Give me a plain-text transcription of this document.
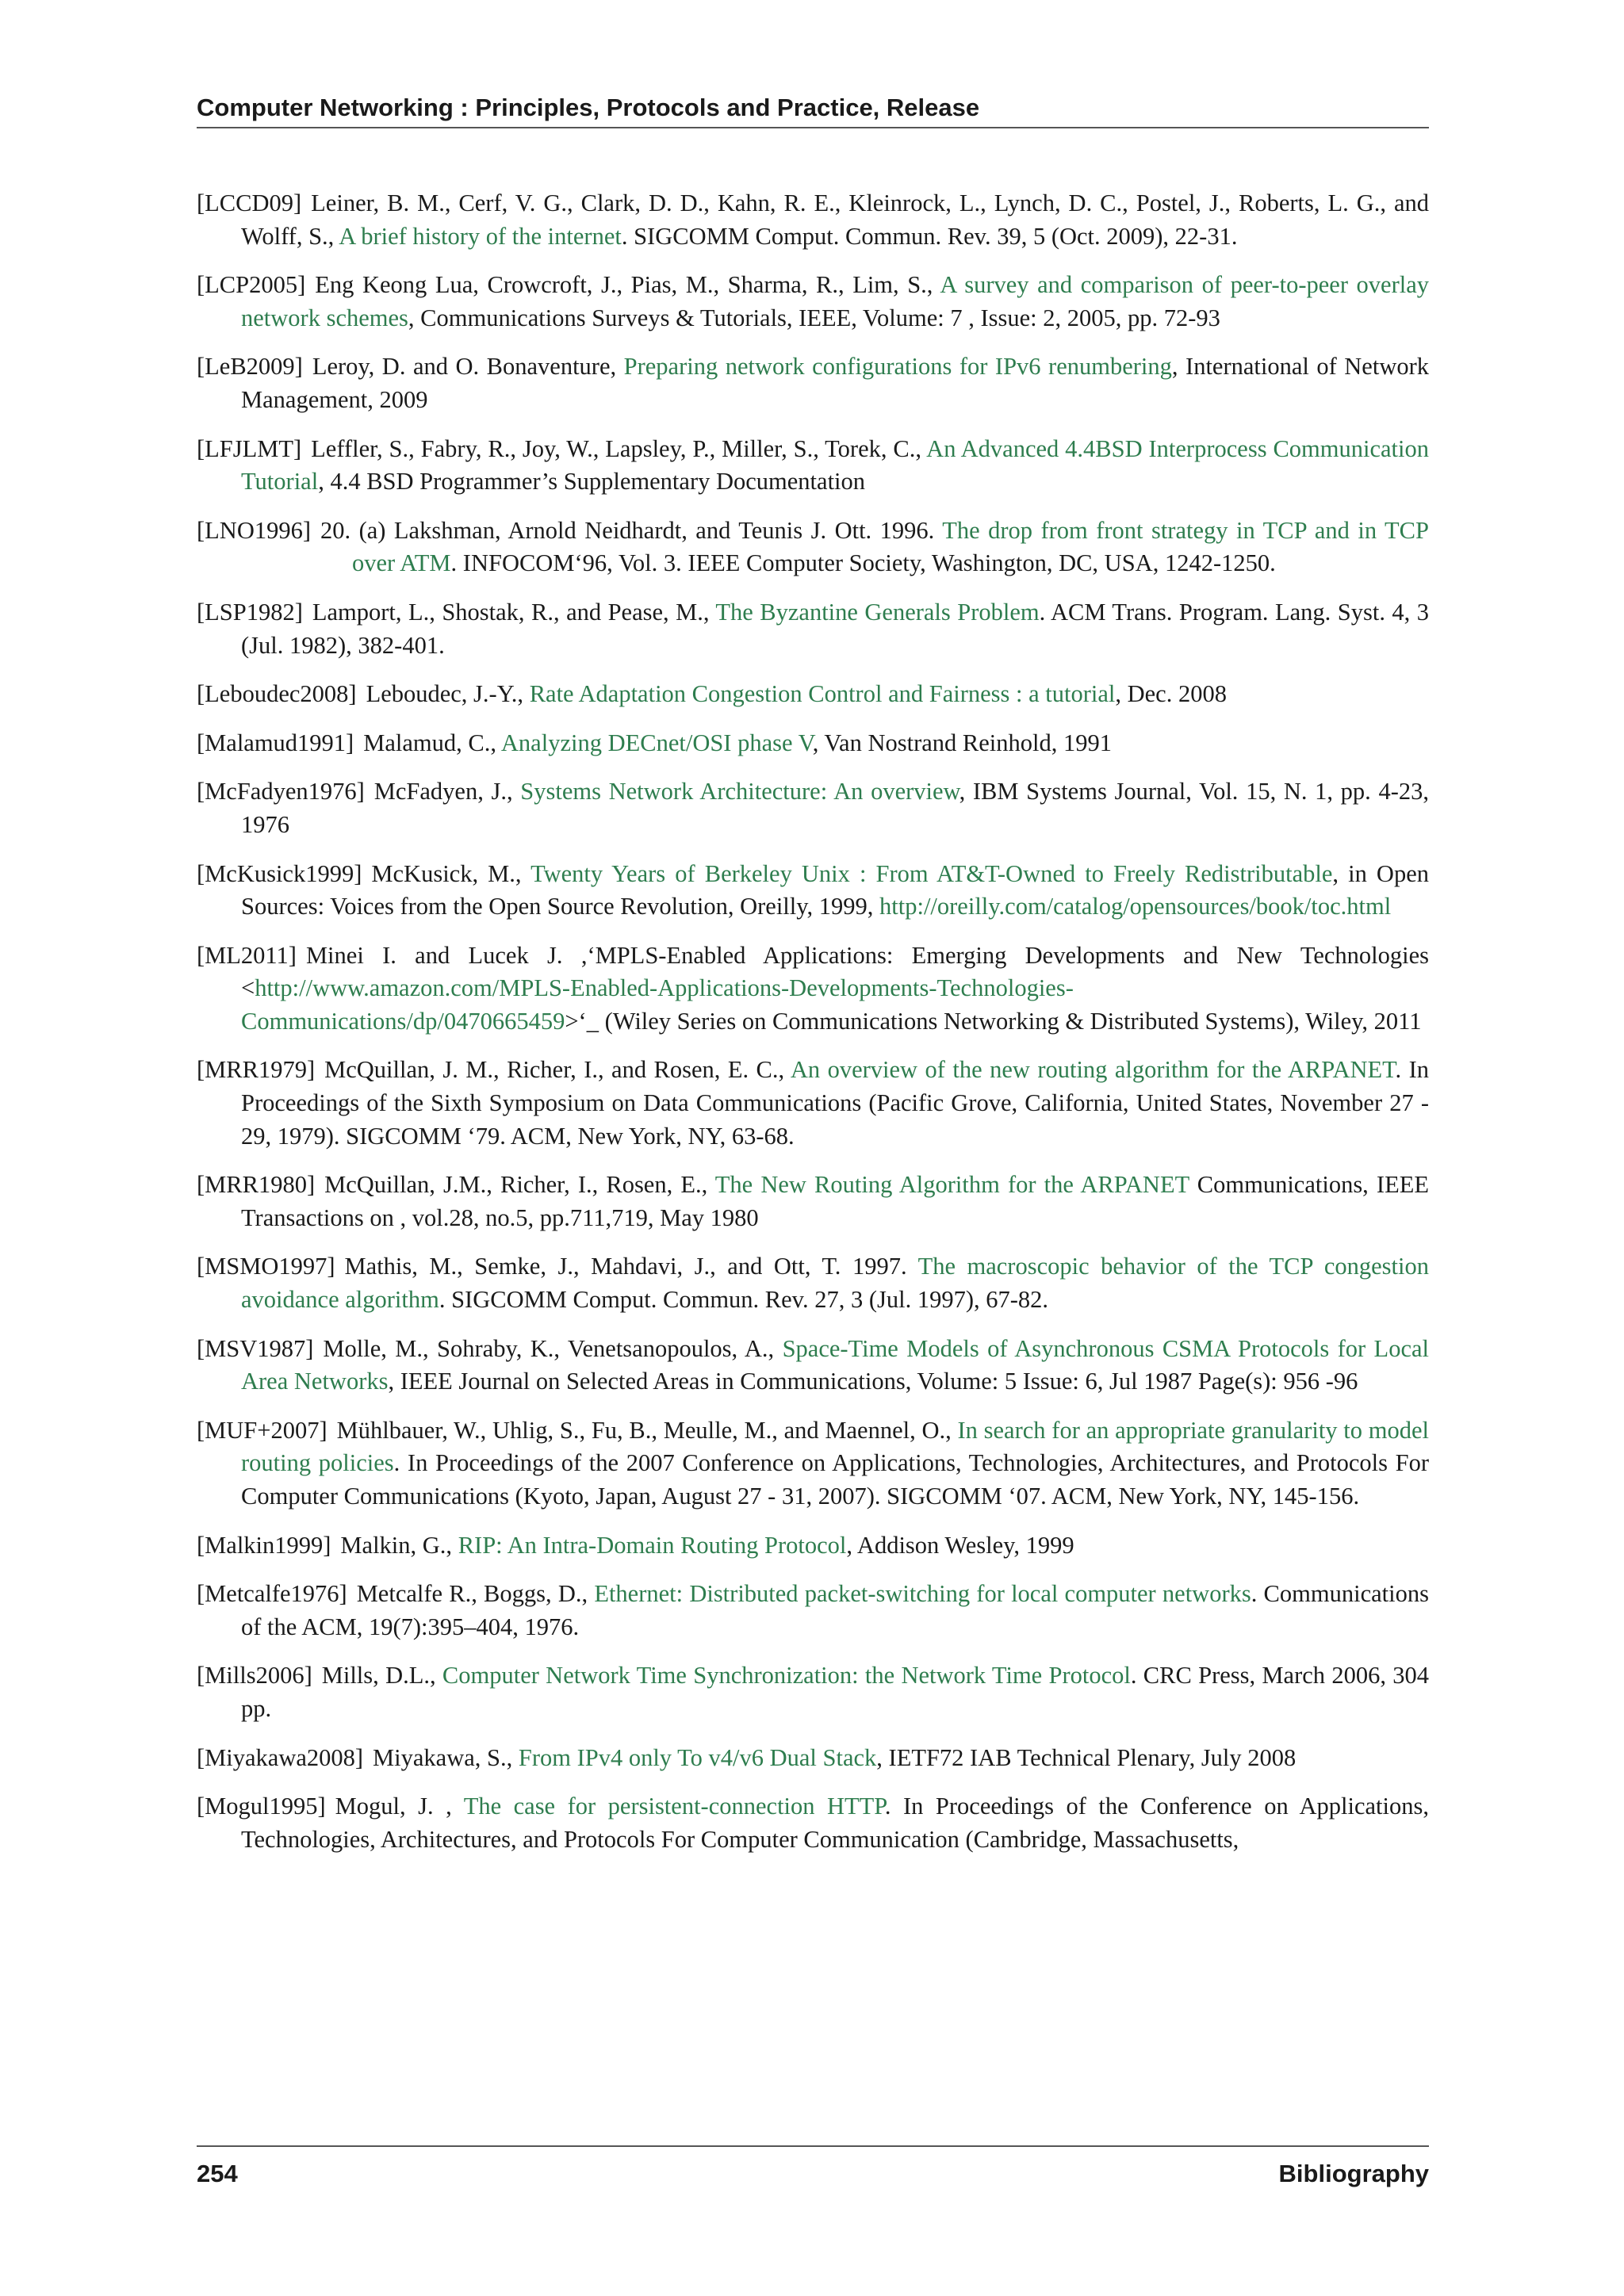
Computer Networking : Principles, Protocols and Practice, Release

[LCCD09] Leiner, B. M., Cerf, V. G., Clark, D. D., Kahn, R. E., Kleinrock, L., Lynch, D. C., Postel, J., Roberts, L. G., and Wolff, S., A brief history of the internet. SIGCOMM Comput. Commun. Rev. 39, 5 (Oct. 2009), 22-31.

[LCP2005] Eng Keong Lua, Crowcroft, J., Pias, M., Sharma, R., Lim, S., A survey and comparison of peer-to-peer overlay network schemes, Communications Surveys & Tutorials, IEEE, Volume: 7 , Issue: 2, 2005, pp. 72-93

[LeB2009] Leroy, D. and O. Bonaventure, Preparing network configurations for IPv6 renumbering, International of Network Management, 2009

[LFJLMT] Leffler, S., Fabry, R., Joy, W., Lapsley, P., Miller, S., Torek, C., An Advanced 4.4BSD Interprocess Communication Tutorial, 4.4 BSD Programmer’s Supplementary Documentation

[LNO1996] 20. (a) Lakshman, Arnold Neidhardt, and Teunis J. Ott. 1996. The drop from front strategy in TCP and in TCP over ATM. INFOCOM‘96, Vol. 3. IEEE Computer Society, Washington, DC, USA, 1242-1250.

[LSP1982] Lamport, L., Shostak, R., and Pease, M., The Byzantine Generals Problem. ACM Trans. Program. Lang. Syst. 4, 3 (Jul. 1982), 382-401.

[Leboudec2008] Leboudec, J.-Y., Rate Adaptation Congestion Control and Fairness : a tutorial, Dec. 2008

[Malamud1991] Malamud, C., Analyzing DECnet/OSI phase V, Van Nostrand Reinhold, 1991

[McFadyen1976] McFadyen, J., Systems Network Architecture: An overview, IBM Systems Journal, Vol. 15, N. 1, pp. 4-23, 1976

[McKusick1999] McKusick, M., Twenty Years of Berkeley Unix : From AT&T-Owned to Freely Redistributable, in Open Sources: Voices from the Open Source Revolution, Oreilly, 1999, http://oreilly.com/catalog/opensources/book/toc.html

[ML2011] Minei I. and Lucek J. ,‘MPLS-Enabled Applications: Emerging Developments and New Technologies <http://www.amazon.com/MPLS-Enabled-Applications-Developments-Technologies-Communications/dp/0470665459>‘_ (Wiley Series on Communications Networking & Distributed Systems), Wiley, 2011

[MRR1979] McQuillan, J. M., Richer, I., and Rosen, E. C., An overview of the new routing algorithm for the ARPANET. In Proceedings of the Sixth Symposium on Data Communications (Pacific Grove, California, United States, November 27 - 29, 1979). SIGCOMM ‘79. ACM, New York, NY, 63-68.

[MRR1980] McQuillan, J.M., Richer, I., Rosen, E., The New Routing Algorithm for the ARPANET Communications, IEEE Transactions on , vol.28, no.5, pp.711,719, May 1980

[MSMO1997] Mathis, M., Semke, J., Mahdavi, J., and Ott, T. 1997. The macroscopic behavior of the TCP congestion avoidance algorithm. SIGCOMM Comput. Commun. Rev. 27, 3 (Jul. 1997), 67-82.

[MSV1987] Molle, M., Sohraby, K., Venetsanopoulos, A., Space-Time Models of Asynchronous CSMA Protocols for Local Area Networks, IEEE Journal on Selected Areas in Communications, Volume: 5 Issue: 6, Jul 1987 Page(s): 956 -96

[MUF+2007] Mühlbauer, W., Uhlig, S., Fu, B., Meulle, M., and Maennel, O., In search for an appropriate granularity to model routing policies. In Proceedings of the 2007 Conference on Applications, Technologies, Architectures, and Protocols For Computer Communications (Kyoto, Japan, August 27 - 31, 2007). SIGCOMM ‘07. ACM, New York, NY, 145-156.

[Malkin1999] Malkin, G., RIP: An Intra-Domain Routing Protocol, Addison Wesley, 1999

[Metcalfe1976] Metcalfe R., Boggs, D., Ethernet: Distributed packet-switching for local computer networks. Communications of the ACM, 19(7):395–404, 1976.

[Mills2006] Mills, D.L., Computer Network Time Synchronization: the Network Time Protocol. CRC Press, March 2006, 304 pp.

[Miyakawa2008] Miyakawa, S., From IPv4 only To v4/v6 Dual Stack, IETF72 IAB Technical Plenary, July 2008

[Mogul1995] Mogul, J. , The case for persistent-connection HTTP. In Proceedings of the Conference on Applications, Technologies, Architectures, and Protocols For Computer Communication (Cambridge, Massachusetts,

254	Bibliography
